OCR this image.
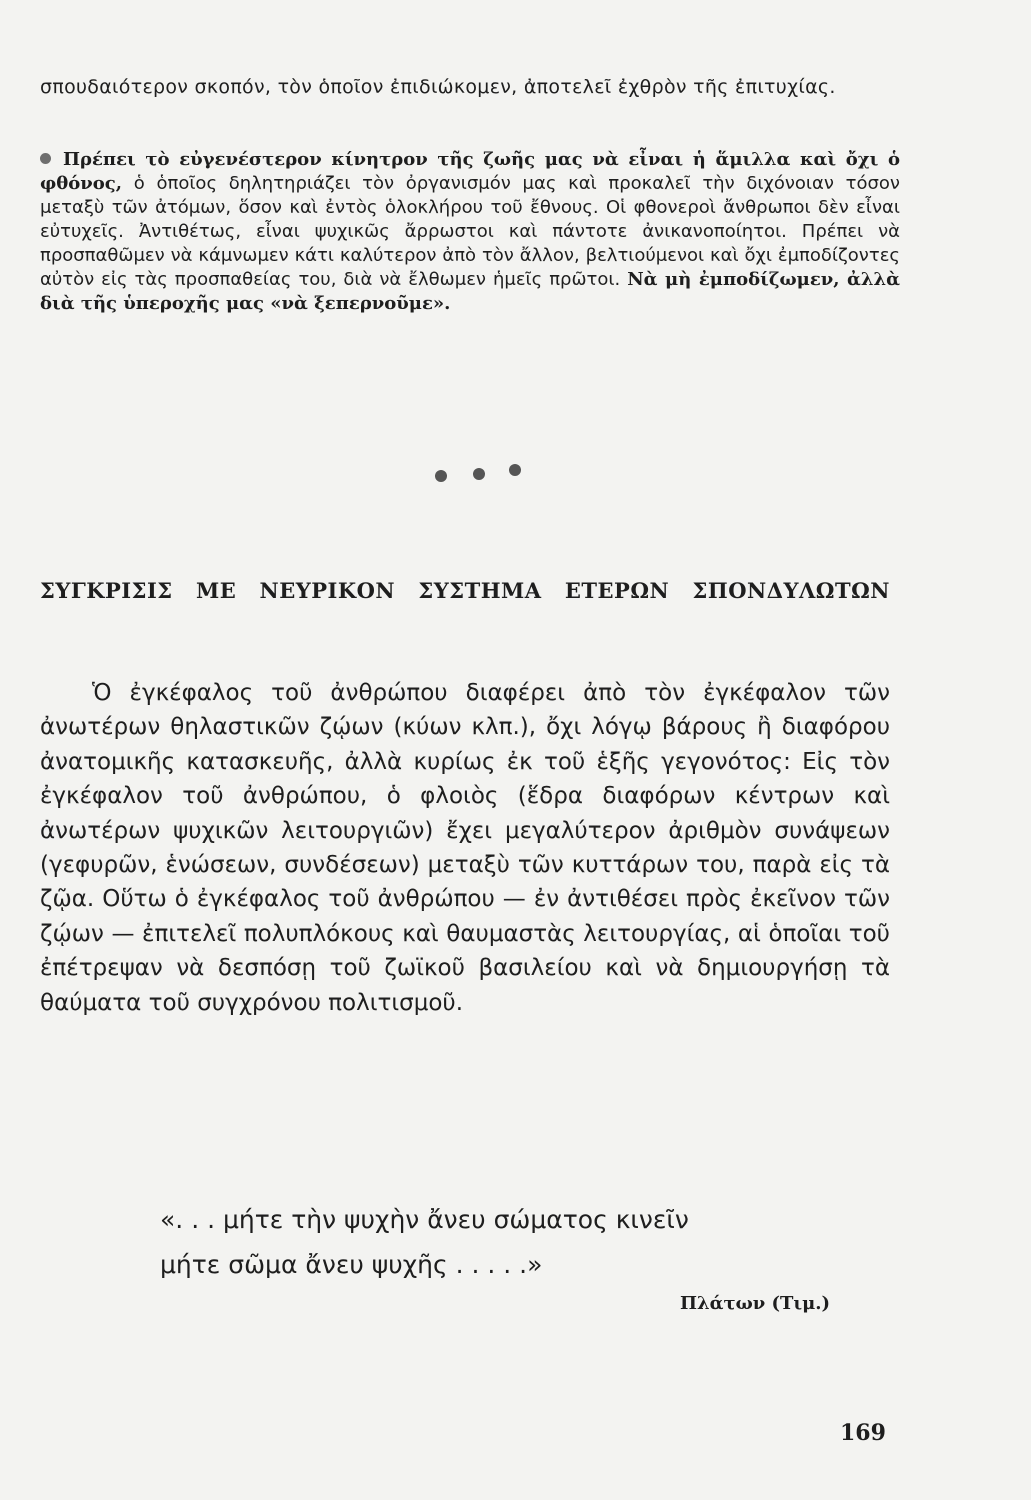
σπουδαιότερον σκοπόν, τὸν ὁποῖον ἐπιδιώκομεν, ἀποτελεῖ ἐχθρὸν τῆς ἐπιτυχίας.
Πρέπει τὸ εὐγενέστερον κίνητρον τῆς ζωῆς μας νὰ εἶναι ἡ ἅμιλλα καὶ ὄχι ὁ φθόνος, ὁ ὁποῖος δηλητηριάζει τὸν ὀργανισμόν μας καὶ προκαλεῖ τὴν διχόνοιαν τόσον μεταξὺ τῶν ἀτόμων, ὅσον καὶ ἐντὸς ὁλοκλήρου τοῦ ἔθνους. Οἱ φθονεροὶ ἄνθρωποι δὲν εἶναι εὐτυχεῖς. Ἀντιθέτως, εἶναι ψυχικῶς ἄρρωστοι καὶ πάντοτε ἀνικανοποίητοι. Πρέπει νὰ προσπαθῶμεν νὰ κάμνωμεν κάτι καλύτερον ἀπὸ τὸν ἄλλον, βελτιούμενοι καὶ ὄχι ἐμποδίζοντες αὐτὸν εἰς τὰς προσπαθείας του, διὰ νὰ ἔλθωμεν ἡμεῖς πρῶτοι. Νὰ μὴ ἐμποδίζωμεν, ἀλλὰ διὰ τῆς ὑπεροχῆς μας «νὰ ξεπερνοῦμε».
ΣΥΓΚΡΙΣΙΣ ΜΕ ΝΕΥΡΙΚΟΝ ΣΥΣΤΗΜΑ ΕΤΕΡΩΝ ΣΠΟΝΔΥΛΩΤΩΝ
Ὁ ἐγκέφαλος τοῦ ἀνθρώπου διαφέρει ἀπὸ τὸν ἐγκέφαλον τῶν ἀνωτέρων θηλαστικῶν ζῴων (κύων κλπ.), ὄχι λόγῳ βάρους ἢ διαφόρου ἀνατομικῆς κατασκευῆς, ἀλλὰ κυρίως ἐκ τοῦ ἑξῆς γεγονότος: Εἰς τὸν ἐγκέφαλον τοῦ ἀνθρώπου, ὁ φλοιὸς (ἕδρα διαφόρων κέντρων καὶ ἀνωτέρων ψυχικῶν λειτουργιῶν) ἔχει μεγαλύτερον ἀριθμὸν συνάψεων (γεφυρῶν, ἑνώσεων, συνδέσεων) μεταξὺ τῶν κυττάρων του, παρὰ εἰς τὰ ζῷα. Οὕτω ὁ ἐγκέφαλος τοῦ ἀνθρώπου — ἐν ἀντιθέσει πρὸς ἐκεῖνον τῶν ζῴων — ἐπιτελεῖ πολυπλόκους καὶ θαυμαστὰς λειτουργίας, αἱ ὁποῖαι τοῦ ἐπέτρεψαν νὰ δεσπόσῃ τοῦ ζωϊκοῦ βασιλείου καὶ νὰ δημιουργήσῃ τὰ θαύματα τοῦ συγχρόνου πολιτισμοῦ.
«. . . μήτε τὴν ψυχὴν ἄνευ σώματος κινεῖν
μήτε σῶμα ἄνευ ψυχῆς . . . . .»
Πλάτων (Τιμ.)
169
